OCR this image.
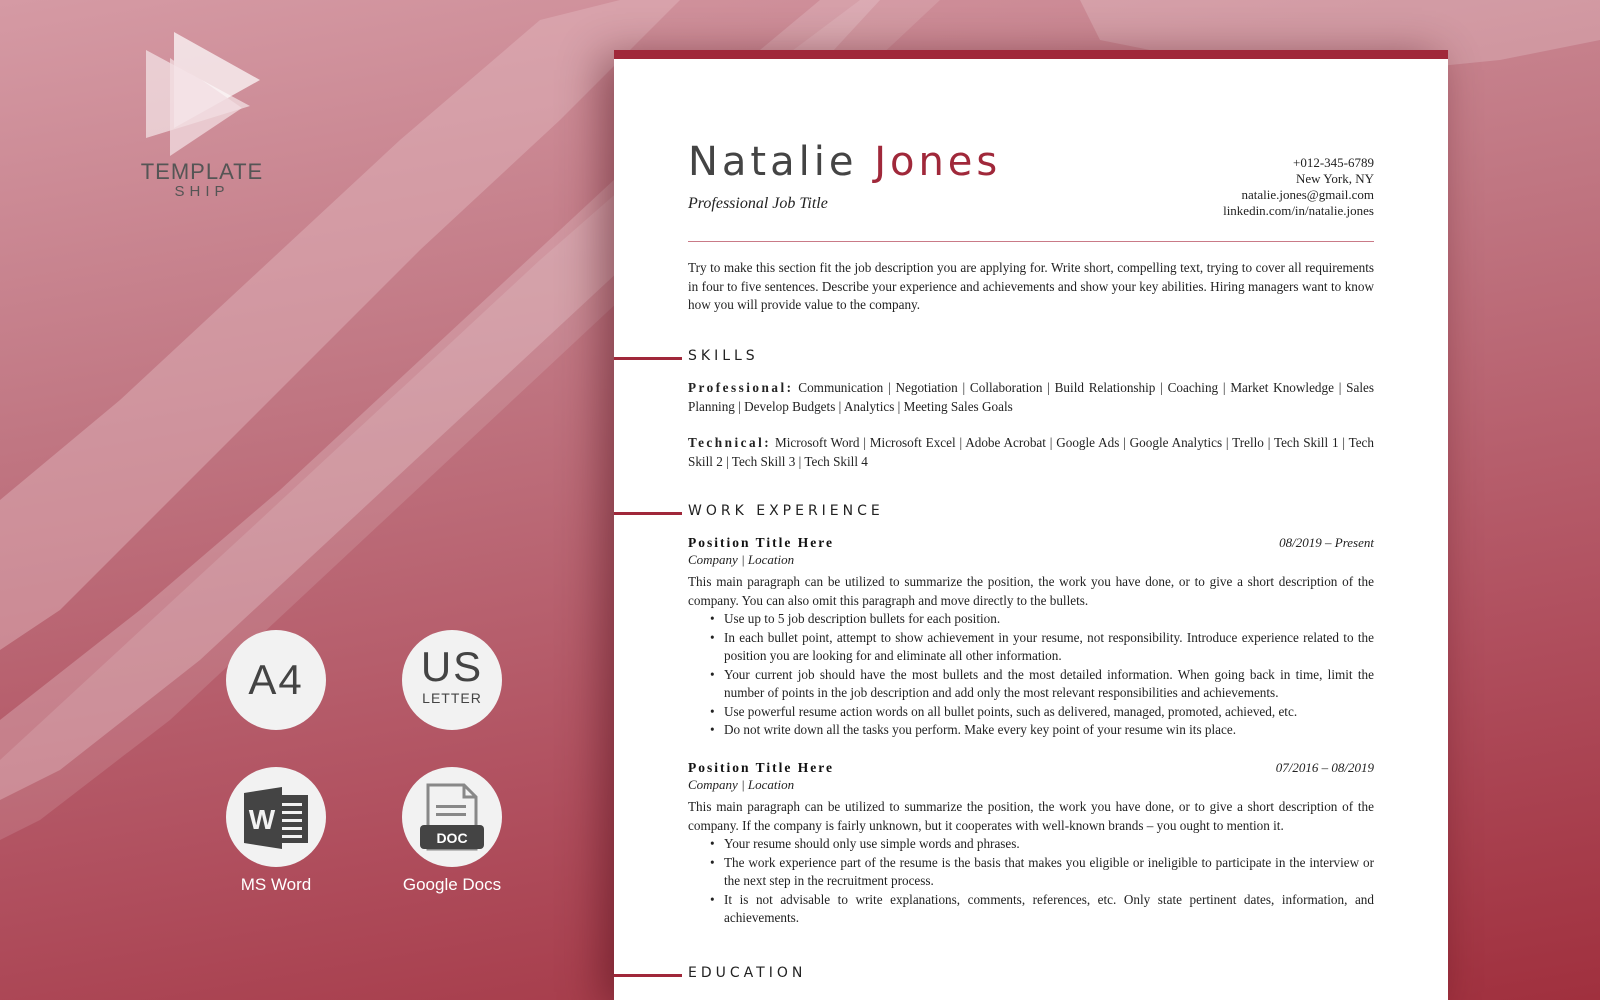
TEMPLATE
SHIP
A4	US
LETTER
W
DOC
MS Word	Google Docs
Natalie Jones
Professional Job Title
+012-345-6789
New York, NY
natalie.jones@gmail.com
linkedin.com/in/natalie.jones
Try to make this section fit the job description you are applying for. Write short, compelling text, trying to cover all requirements in four to five sentences. Describe your experience and achievements and show your key abilities. Hiring managers want to know how you will provide value to the company.
SKILLS
Professional: Communication | Negotiation | Collaboration | Build Relationship | Coaching | Market Knowledge | Sales Planning | Develop Budgets | Analytics | Meeting Sales Goals
Technical: Microsoft Word | Microsoft Excel | Adobe Acrobat | Google Ads | Google Analytics | Trello | Tech Skill 1 | Tech Skill 2 | Tech Skill 3 | Tech Skill 4
WORK EXPERIENCE
Position Title Here	08/2019 – Present
Company | Location
This main paragraph can be utilized to summarize the position, the work you have done, or to give a short description of the company. You can also omit this paragraph and move directly to the bullets.
• Use up to 5 job description bullets for each position.
• In each bullet point, attempt to show achievement in your resume, not responsibility. Introduce experience related to the position you are looking for and eliminate all other information.
• Your current job should have the most bullets and the most detailed information. When going back in time, limit the number of points in the job description and add only the most relevant responsibilities and achievements.
• Use powerful resume action words on all bullet points, such as delivered, managed, promoted, achieved, etc.
• Do not write down all the tasks you perform. Make every key point of your resume win its place.
Position Title Here	07/2016 – 08/2019
Company | Location
This main paragraph can be utilized to summarize the position, the work you have done, or to give a short description of the company. If the company is fairly unknown, but it cooperates with well-known brands – you ought to mention it.
• Your resume should only use simple words and phrases.
• The work experience part of the resume is the basis that makes you eligible or ineligible to participate in the interview or the next step in the recruitment process.
• It is not advisable to write explanations, comments, references, etc. Only state pertinent dates, information, and achievements.
EDUCATION
